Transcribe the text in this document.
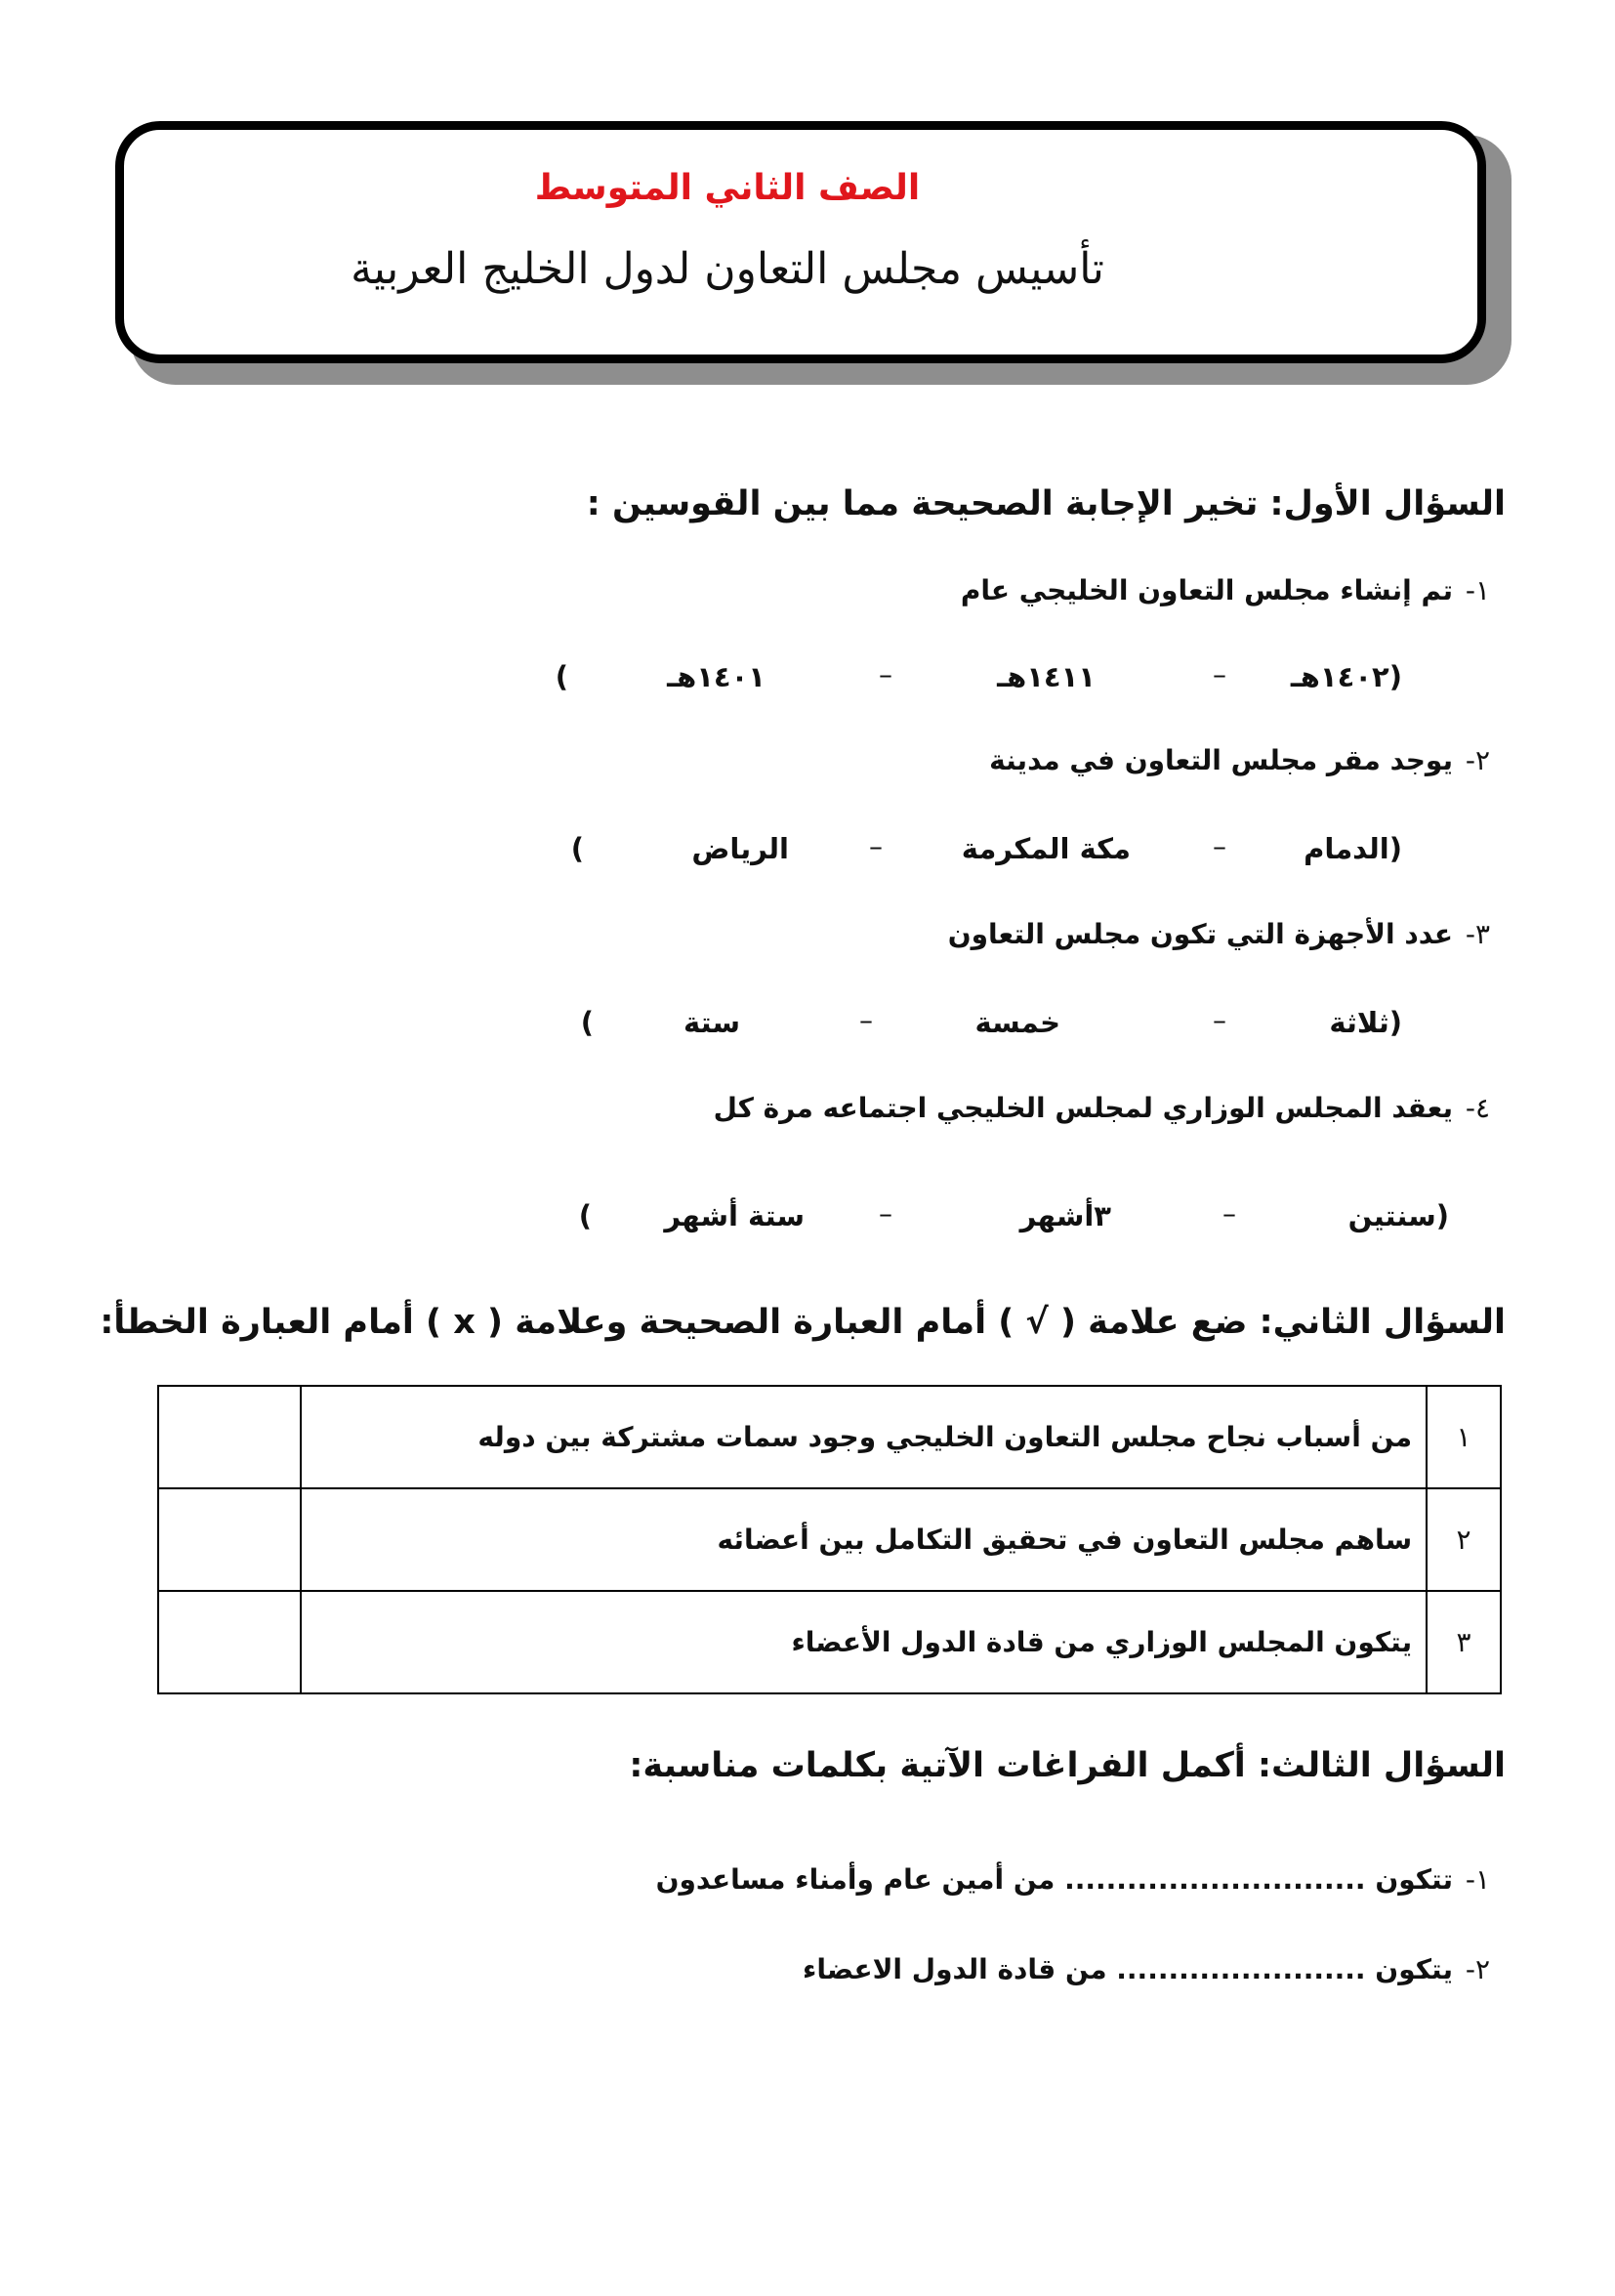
الصف الثاني المتوسط
تأسيس مجلس التعاون لدول الخليج العربية
السؤال الأول: تخير الإجابة الصحيحة مما بين القوسين :
١-تم إنشاء مجلس التعاون الخليجي عام
(١٤٠٢هـ
–
١٤١١هـ
–
١٤٠١هـ
)
٢-يوجد مقر مجلس التعاون في مدينة
(الدمام
–
مكة المكرمة
–
الرياض
)
٣-عدد الأجهزة التي تكون مجلس التعاون
(ثلاثة
–
خمسة
–
ستة
)
٤-يعقد المجلس الوزاري لمجلس الخليجي اجتماعه مرة كل
(سنتين
–
٣أشهر
–
ستة أشهر
)
السؤال الثاني: ضع علامة ( √ ) أمام العبارة الصحيحة وعلامة ( x ) أمام العبارة الخطأ:
١	من أسباب نجاح مجلس التعاون الخليجي وجود سمات مشتركة بين دوله	
٢	ساهم مجلس التعاون في تحقيق التكامل بين أعضائه	
٣	يتكون المجلس الوزاري من قادة الدول الأعضاء	
السؤال الثالث: أكمل الفراغات الآتية بكلمات مناسبة:
١-تتكون ............................. من أمين عام وأمناء مساعدون
٢-يتكون ........................ من قادة الدول الاعضاء
